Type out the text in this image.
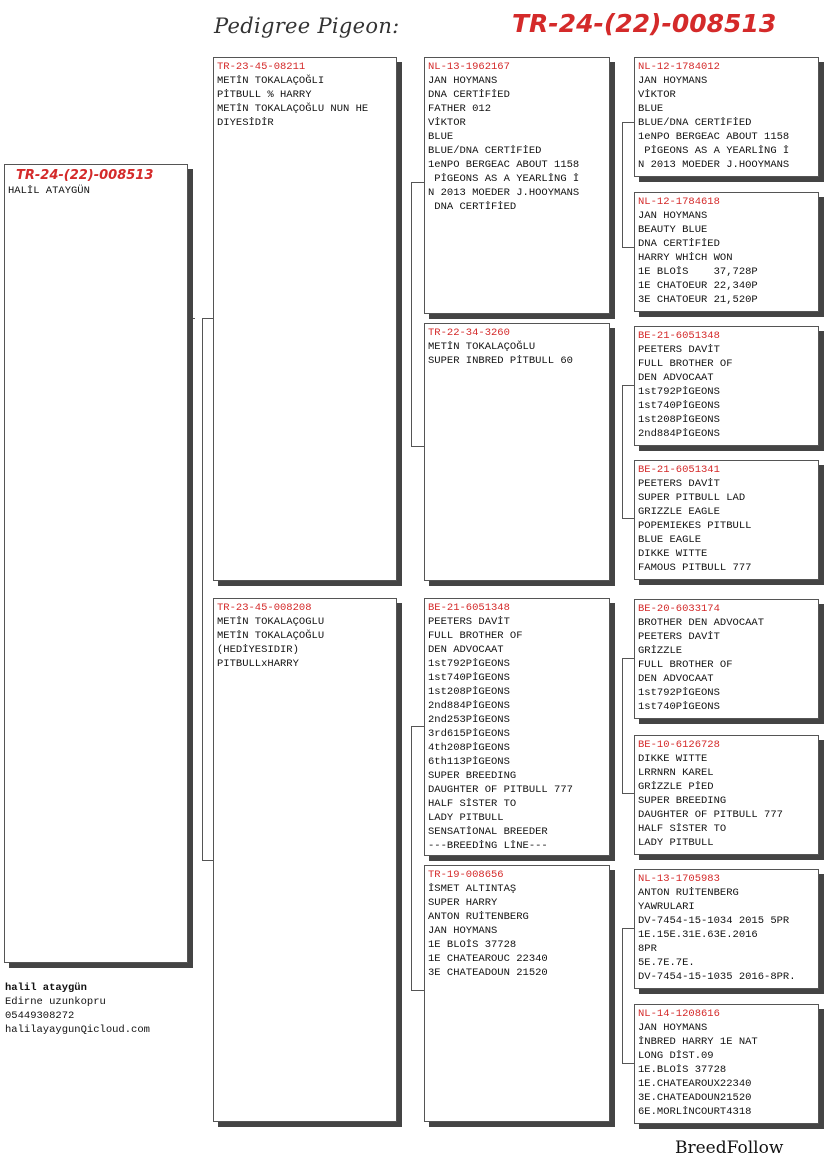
Pedigree Pigeon:	TR-24-(22)-008513
TR-24-(22)-008513
HALİL ATAYGÜN
TR-23-45-08211
METİN TOKALAÇOĞLI
PİTBULL % HARRY
METİN TOKALAÇOĞLU NUN HE
DIYESİDİR
TR-23-45-008208
METİN TOKALAÇOGLU
METİN TOKALAÇOĞLU
(HEDİYESIDIR)
PITBULLxHARRY
NL-13-1962167
JAN HOYMANS
DNA CERTİFİED
FATHER 012
VİKTOR
BLUE
BLUE/DNA CERTİFİED
1eNPO BERGEAC ABOUT 1158
PİGEONS AS A YEARLİNG İ
N 2013 MOEDER J.HOOYMANS
DNA CERTİFİED
TR-22-34-3260
METİN TOKALAÇOĞLU
SUPER INBRED PİTBULL 60
BE-21-6051348
PEETERS DAVİT
FULL BROTHER OF
DEN ADVOCAAT
1st792PİGEONS
1st740PİGEONS
1st208PİGEONS
2nd884PİGEONS
2nd253PİGEONS
3rd615PİGEONS
4th208PİGEONS
6th113PİGEONS
SUPER BREEDING
DAUGHTER OF PITBULL 777
HALF SİSTER TO
LADY PITBULL
SENSATİONAL BREEDER
---BREEDİNG LİNE---
TR-19-008656
İSMET ALTINTAŞ
SUPER HARRY
ANTON RUİTENBERG
JAN HOYMANS
1E BLOİS 37728
1E CHATEAROUC 22340
3E CHATEADOUN 21520
NL-12-1784012
JAN HOYMANS
VİKTOR
BLUE
BLUE/DNA CERTİFİED
1eNPO BERGEAC ABOUT 1158
PİGEONS AS A YEARLİNG İ
N 2013 MOEDER J.HOOYMANS
NL-12-1784618
JAN HOYMANS
BEAUTY BLUE
DNA CERTİFİED
HARRY WHİCH WON
1E BLOİS    37,728P
1E CHATOEUR 22,340P
3E CHATOEUR 21,520P
BE-21-6051348
PEETERS DAVİT
FULL BROTHER OF
DEN ADVOCAAT
1st792PİGEONS
1st740PİGEONS
1st208PİGEONS
2nd884PİGEONS
BE-21-6051341
PEETERS DAVİT
SUPER PITBULL LAD
GRIZZLE EAGLE
POPEMIEKES PITBULL
BLUE EAGLE
DIKKE WITTE
FAMOUS PITBULL 777
BE-20-6033174
BROTHER DEN ADVOCAAT
PEETERS DAVİT
GRİZZLE
FULL BROTHER OF
DEN ADVOCAAT
1st792PİGEONS
1st740PİGEONS
BE-10-6126728
DIKKE WITTE
LRRNRN KAREL
GRİZZLE PİED
SUPER BREEDING
DAUGHTER OF PITBULL 777
HALF SİSTER TO
LADY PITBULL
NL-13-1705983
ANTON RUİTENBERG
YAWRULARI
DV-7454-15-1034 2015 5PR
1E.15E.31E.63E.2016
8PR
5E.7E.7E.
DV-7454-15-1035 2016-8PR.
NL-14-1208616
JAN HOYMANS
İNBRED HARRY 1E NAT
LONG DİST.09
1E.BLOİS 37728
1E.CHATEAROUX22340
3E.CHATEADOUN21520
6E.MORLİNCOURT4318
halil ataygün
Edirne uzunkopru
05449308272
halilayaygunQicloud.com
BreedFollow
